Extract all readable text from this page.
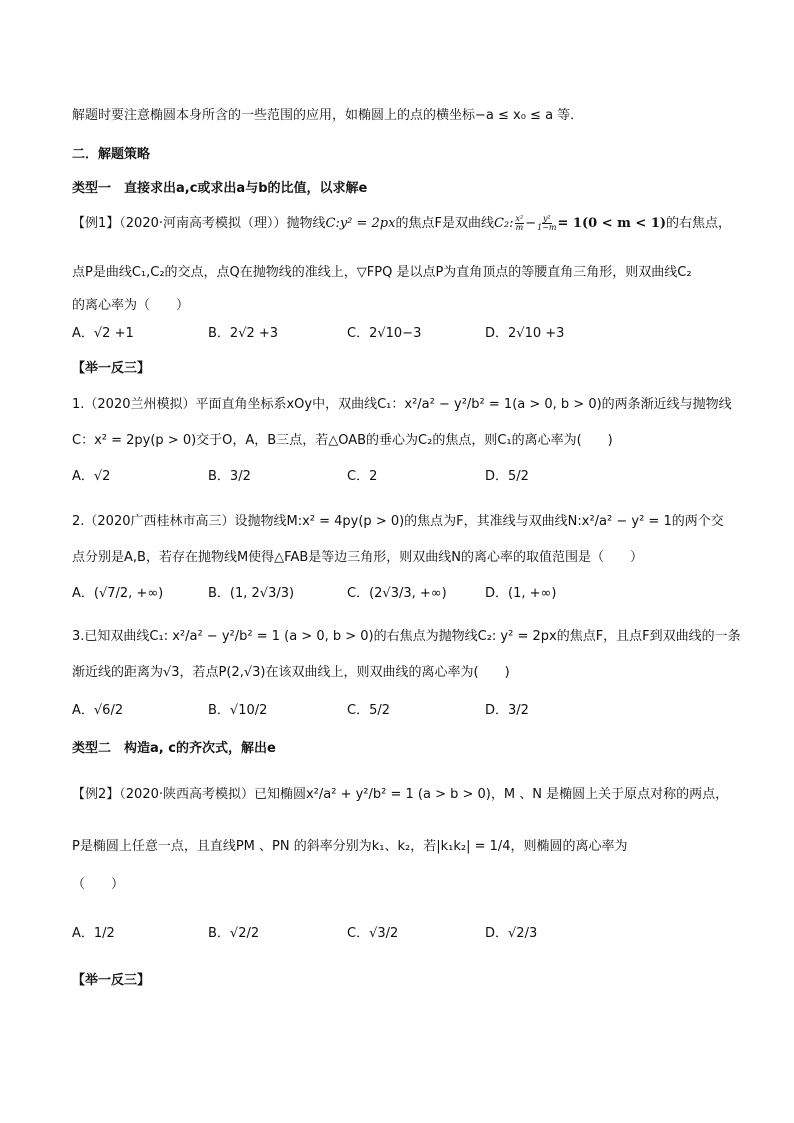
解题时要注意椭圆本身所含的一些范围的应用，如椭圆上的点的横坐标−a ≤ x₀ ≤ a 等．
二．解题策略
类型一　直接求出a,c或求出a与b的比值，以求解e
【例1】（2020·河南高考模拟（理））抛物线C:y² = 2px的焦点F是双曲线C₂: $\frac{\text{x²}}{m} - \frac{\text{y²}}{1-m} = 1(0 < m < 1)$的右焦点，
点P是曲线C₁,C₂的交点，点Q在抛物线的准线上，▽FPQ 是以点P为直角顶点的等腰直角三角形，则双曲线C₂
的离心率为（　　）
A．√2 +1	B．2√2 +3	C．2√10−3	D．2√10 +3
【举一反三】
1.（2020兰州模拟）平面直角坐标系xOy中，双曲线C₁：x²/a² − y²/b² = 1(a > 0, b > 0)的两条渐近线与抛物线
C：x² = 2py(p > 0)交于O，A，B三点，若△OAB的垂心为C₂的焦点，则C₁的离心率为(　　)
A．√2	B．3/2	C．2	D．5/2
2.（2020广西桂林市高三）设抛物线M:x² = 4py(p > 0)的焦点为F，其准线与双曲线N:x²/a² − y² = 1的两个交
点分别是A,B，若存在抛物线M使得△FAB是等边三角形，则双曲线N的离心率的取值范围是（　　）
A．(√7/2, +∞)	B．(1, 2√3/3)	C．(2√3/3, +∞)	D．(1, +∞)
3.已知双曲线C₁: x²/a² − y²/b² = 1 (a > 0, b > 0)的右焦点为抛物线C₂: y² = 2px的焦点F，且点F到双曲线的一条
渐近线的距离为√3，若点P(2,√3)在该双曲线上，则双曲线的离心率为(　　)
A．√6/2	B．√10/2	C．5/2	D．3/2
类型二　构造a, c的齐次式，解出e
【例2】（2020·陕西高考模拟）已知椭圆x²/a² + y²/b² = 1 (a > b > 0)，M 、N 是椭圆上关于原点对称的两点，
P是椭圆上任意一点，且直线PM 、PN 的斜率分别为k₁、k₂，若|k₁k₂| = 1/4，则椭圆的离心率为
（　　）
A．1/2	B．√2/2	C．√3/2	D．√2/3
【举一反三】
